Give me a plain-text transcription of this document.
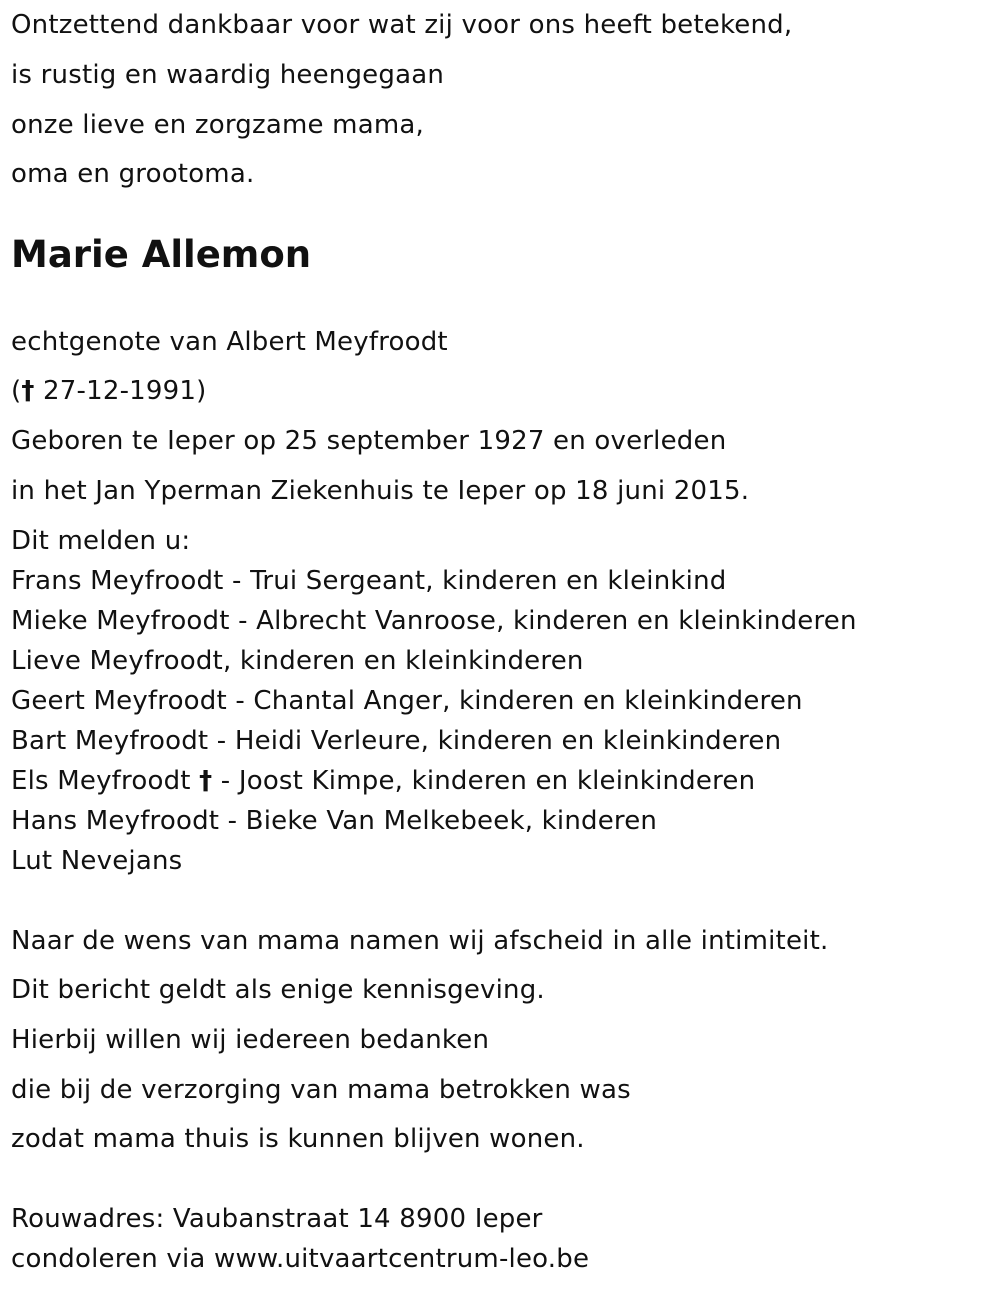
Ontzettend dankbaar voor wat zij voor ons heeft betekend,
is rustig en waardig heengegaan
onze lieve en zorgzame mama,
oma en grootoma.
Marie Allemon
echtgenote van Albert Meyfroodt
(† 27-12-1991)
Geboren te Ieper op 25 september 1927 en overleden
in het Jan Yperman Ziekenhuis te Ieper op 18 juni 2015.
Dit melden u:
Frans Meyfroodt - Trui Sergeant, kinderen en kleinkind
Mieke Meyfroodt - Albrecht Vanroose, kinderen en kleinkinderen
Lieve Meyfroodt, kinderen en kleinkinderen
Geert Meyfroodt - Chantal Anger, kinderen en kleinkinderen
Bart Meyfroodt - Heidi Verleure, kinderen en kleinkinderen
Els Meyfroodt † - Joost Kimpe, kinderen en kleinkinderen
Hans Meyfroodt - Bieke Van Melkebeek, kinderen
Lut Nevejans
Naar de wens van mama namen wij afscheid in alle intimiteit.
Dit bericht geldt als enige kennisgeving.
Hierbij willen wij iedereen bedanken
die bij de verzorging van mama betrokken was
zodat mama thuis is kunnen blijven wonen.
Rouwadres: Vaubanstraat 14 8900 Ieper
condoleren via www.uitvaartcentrum-leo.be
